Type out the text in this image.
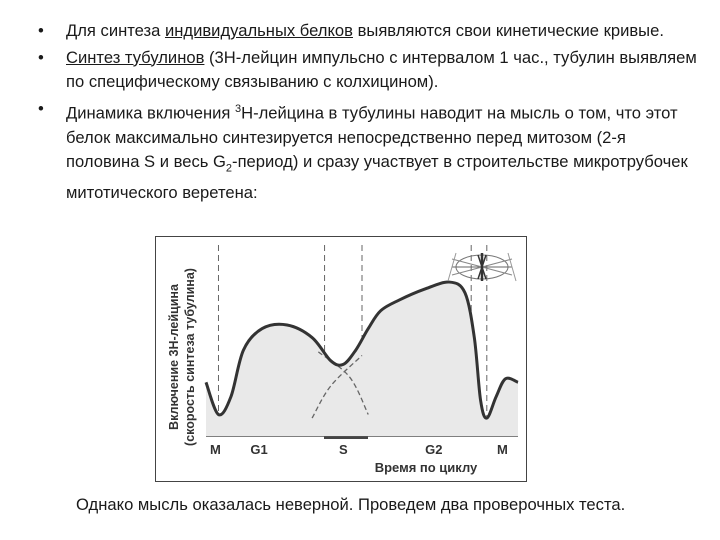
• Для синтеза индивидуальных белков выявляются свои кинетические кривые.
• Синтез тубулинов (3Н-лейцин импульсно с интервалом 1 час., тубулин выявляем по специфическому связыванию с колхицином).
• Динамика включения $^3$Н-лейцина в тубулины наводит на мысль о том, что этот белок максимально синтезируется непосредственно перед митозом (2-я половина S и весь $G_2-период$) и сразу участвует в строительстве микротрубочек митотического веретена:
Включение 3Н-лейцина (скорость синтеза тубулина)
M G1	S	G2	M
Время по циклу
Однако мысль оказалась неверной. Проведем два проверочных теста.
